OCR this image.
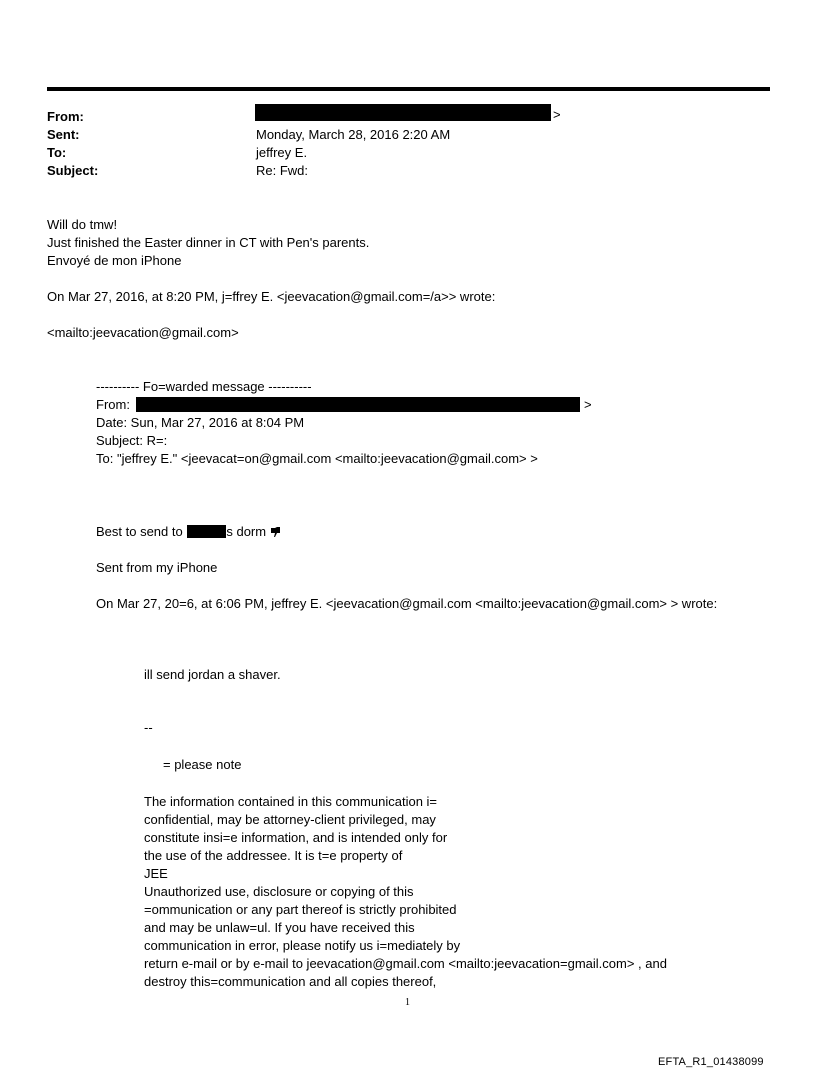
From:	>
Sent:	Monday, March 28, 2016 2:20 AM
To:	jeffrey E.
Subject:	Re: Fwd:
Will do tmw!
Just finished the Easter dinner in CT with Pen's parents.
Envoyé de mon iPhone
On Mar 27, 2016, at 8:20 PM, j=ffrey E. <jeevacation@gmail.com=/a>> wrote:
<mailto:jeevacation@gmail.com>
---------- Fo=warded message ----------
From:	>
Date: Sun, Mar 27, 2016 at 8:04 PM
Subject: R=:
To: "jeffrey E." <jeevacat=on@gmail.com <mailto:jeevacation@gmail.com> >
Best to send to	s dorm
Sent from my iPhone
On Mar 27, 20=6, at 6:06 PM, jeffrey E. <jeevacation@gmail.com <mailto:jeevacation@gmail.com> > wrote:
ill send jordan a shaver.
--
= please note
The information contained in this communication i=
confidential, may be attorney-client privileged, may
constitute insi=e information, and is intended only for
the use of the addressee. It is t=e property of
JEE
Unauthorized use, disclosure or copying of this
=ommunication or any part thereof is strictly prohibited
and may be unlaw=ul. If you have received this
communication in error, please notify us i=mediately by
return e-mail or by e-mail to jeevacation@gmail.com <mailto:jeevacation=gmail.com> , and
destroy this=communication and all copies thereof,
1
EFTA_R1_01438099
